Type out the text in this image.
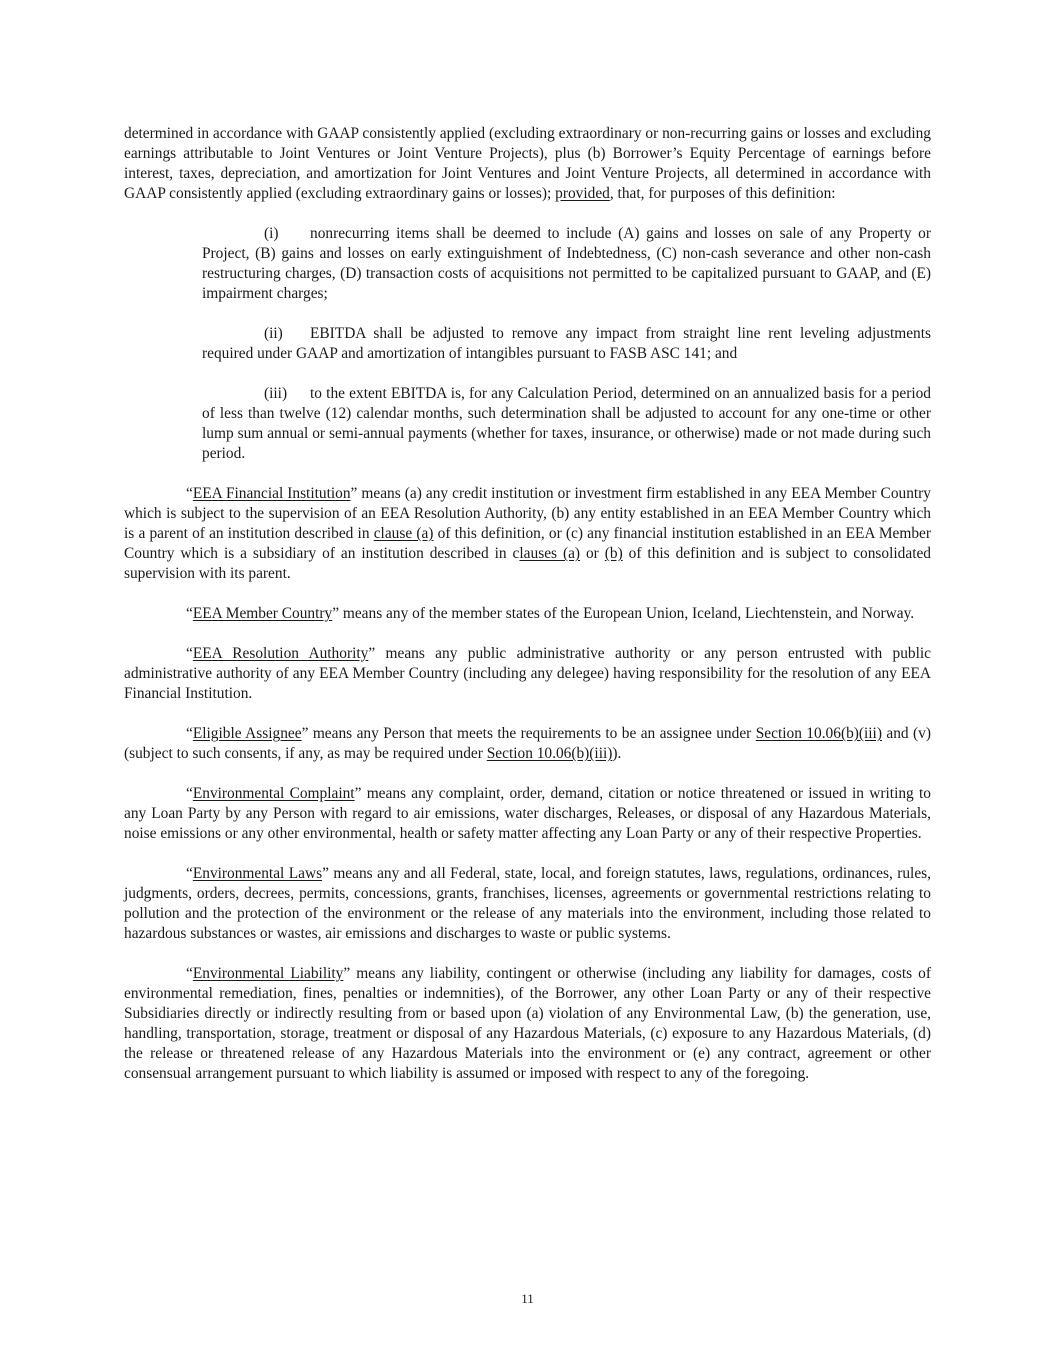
determined in accordance with GAAP consistently applied (excluding extraordinary or non-recurring gains or losses and excluding earnings attributable to Joint Ventures or Joint Venture Projects), plus (b) Borrower’s Equity Percentage of earnings before interest, taxes, depreciation, and amortization for Joint Ventures and Joint Venture Projects, all determined in accordance with GAAP consistently applied (excluding extraordinary gains or losses); provided, that, for purposes of this definition:

(i) nonrecurring items shall be deemed to include (A) gains and losses on sale of any Property or Project, (B) gains and losses on early extinguishment of Indebtedness, (C) non-cash severance and other non-cash restructuring charges, (D) transaction costs of acquisitions not permitted to be capitalized pursuant to GAAP, and (E) impairment charges;

(ii) EBITDA shall be adjusted to remove any impact from straight line rent leveling adjustments required under GAAP and amortization of intangibles pursuant to FASB ASC 141; and

(iii) to the extent EBITDA is, for any Calculation Period, determined on an annualized basis for a period of less than twelve (12) calendar months, such determination shall be adjusted to account for any one-time or other lump sum annual or semi-annual payments (whether for taxes, insurance, or otherwise) made or not made during such period.

“EEA Financial Institution” means (a) any credit institution or investment firm established in any EEA Member Country which is subject to the supervision of an EEA Resolution Authority, (b) any entity established in an EEA Member Country which is a parent of an institution described in clause (a) of this definition, or (c) any financial institution established in an EEA Member Country which is a subsidiary of an institution described in clauses (a) or (b) of this definition and is subject to consolidated supervision with its parent.

“EEA Member Country” means any of the member states of the European Union, Iceland, Liechtenstein, and Norway.

“EEA Resolution Authority” means any public administrative authority or any person entrusted with public administrative authority of any EEA Member Country (including any delegee) having responsibility for the resolution of any EEA Financial Institution.

“Eligible Assignee” means any Person that meets the requirements to be an assignee under Section 10.06(b)(iii) and (v) (subject to such consents, if any, as may be required under Section 10.06(b)(iii)).

“Environmental Complaint” means any complaint, order, demand, citation or notice threatened or issued in writing to any Loan Party by any Person with regard to air emissions, water discharges, Releases, or disposal of any Hazardous Materials, noise emissions or any other environmental, health or safety matter affecting any Loan Party or any of their respective Properties.

“Environmental Laws” means any and all Federal, state, local, and foreign statutes, laws, regulations, ordinances, rules, judgments, orders, decrees, permits, concessions, grants, franchises, licenses, agreements or governmental restrictions relating to pollution and the protection of the environment or the release of any materials into the environment, including those related to hazardous substances or wastes, air emissions and discharges to waste or public systems.

“Environmental Liability” means any liability, contingent or otherwise (including any liability for damages, costs of environmental remediation, fines, penalties or indemnities), of the Borrower, any other Loan Party or any of their respective Subsidiaries directly or indirectly resulting from or based upon (a) violation of any Environmental Law, (b) the generation, use, handling, transportation, storage, treatment or disposal of any Hazardous Materials, (c) exposure to any Hazardous Materials, (d) the release or threatened release of any Hazardous Materials into the environment or (e) any contract, agreement or other consensual arrangement pursuant to which liability is assumed or imposed with respect to any of the foregoing.

11
